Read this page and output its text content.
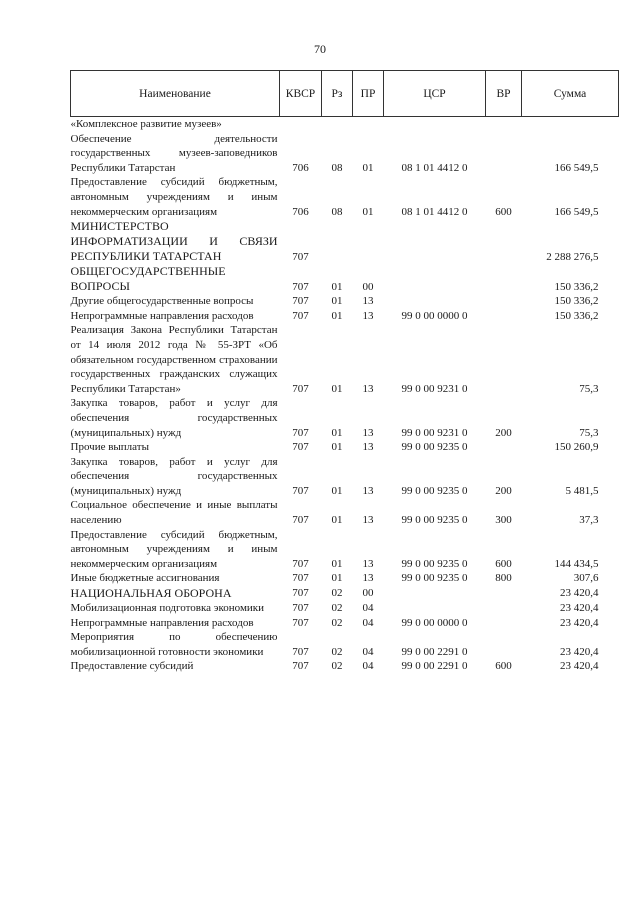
70
Наименование	КВСР	Рз	ПР	ЦСР	ВР	Сумма
«Комплексное развитие музеев»						
Обеспечение деятельности государственных музеев-заповедников Республики Татарстан	706	08	01	08 1 01 4412 0		166 549,5
Предоставление субсидий бюджетным, автономным учреждениям и иным некоммерческим организациям	706	08	01	08 1 01 4412 0	600	166 549,5
МИНИСТЕРСТВО ИНФОРМАТИЗАЦИИ И СВЯЗИ РЕСПУБЛИКИ ТАТАРСТАН	707					2 288 276,5
ОБЩЕГОСУДАРСТВЕННЫЕ ВОПРОСЫ	707	01	00			150 336,2
Другие общегосударственные вопросы	707	01	13			150 336,2
Непрограммные направления расходов	707	01	13	99 0 00 0000 0		150 336,2
Реализация Закона Республики Татарстан от 14 июля 2012 года № 55-ЗРТ «Об обязательном государственном страховании государственных гражданских служащих Республики Татарстан»	707	01	13	99 0 00 9231 0		75,3
Закупка товаров, работ и услуг для обеспечения государственных (муниципальных) нужд	707	01	13	99 0 00 9231 0	200	75,3
Прочие выплаты	707	01	13	99 0 00 9235 0		150 260,9
Закупка товаров, работ и услуг для обеспечения государственных (муниципальных) нужд	707	01	13	99 0 00 9235 0	200	5 481,5
Социальное обеспечение и иные выплаты населению	707	01	13	99 0 00 9235 0	300	37,3
Предоставление субсидий бюджетным, автономным учреждениям и иным некоммерческим организациям	707	01	13	99 0 00 9235 0	600	144 434,5
Иные бюджетные ассигнования	707	01	13	99 0 00 9235 0	800	307,6
НАЦИОНАЛЬНАЯ ОБОРОНА	707	02	00			23 420,4
Мобилизационная подготовка экономики	707	02	04			23 420,4
Непрограммные направления расходов	707	02	04	99 0 00 0000 0		23 420,4
Мероприятия по обеспечению мобилизационной готовности экономики	707	02	04	99 0 00 2291 0		23 420,4
Предоставление субсидий	707	02	04	99 0 00 2291 0	600	23 420,4
